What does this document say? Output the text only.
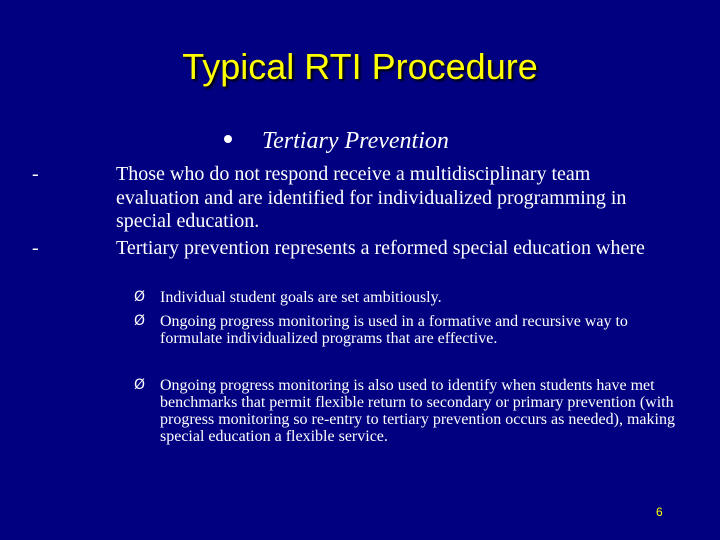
Typical RTI Procedure
Tertiary Prevention
-	Those who do not respond receive a multidisciplinary team evaluation and are identified for individualized programming in special education.
-	Tertiary prevention represents a reformed special education where
Ø Individual student goals are set ambitiously.
Ø Ongoing progress monitoring is used in a formative and recursive way to formulate individualized programs that are effective.
Ø Ongoing progress monitoring is also used to identify when students have met benchmarks that permit flexible return to secondary or primary prevention (with progress monitoring so re-entry to tertiary prevention occurs as needed), making special education a flexible service.
6
